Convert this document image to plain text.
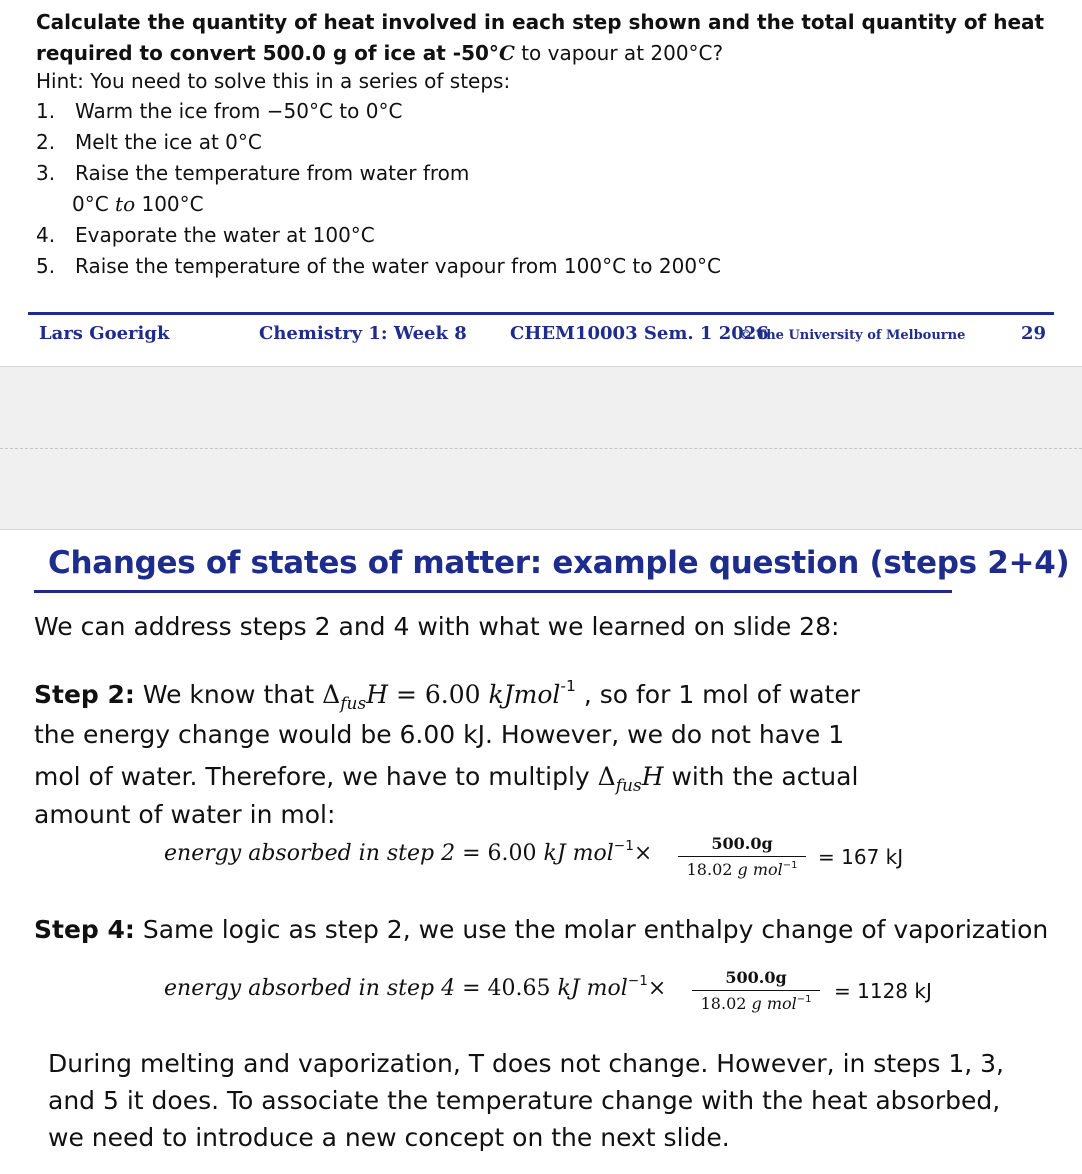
Calculate the quantity of heat involved in each step shown and the total quantity of heat
required to convert 500.0 g of ice at -50°C to vapour at 200°C?
Hint: You need to solve this in a series of steps:
1. Warm the ice from −50°C to 0°C
2. Melt the ice at 0°C
3. Raise the temperature from water from
0°C to 100°C
4. Evaporate the water at 100°C
5. Raise the temperature of the water vapour from 100°C to 200°C
Lars Goerigk	Chemistry 1: Week 8 CHEM10003 Sem. 1 2026
© The University of Melbourne	29
Changes of states of matter: example question (steps 2+4)
We can address steps 2 and 4 with what we learned on slide 28:
Step 2: We know that $\Delta_{fus}H = 6.00$ kJmol$^{-1}$ , so for 1 mol of water
the energy change would be 6.00 kJ. However, we do not have 1
mol of water. Therefore, we have to multiply $\Delta_{fus}H$ with the actual
amount of water in mol:
energy absorbed in step 2 = 6.00 kJ mol$^{-1}$×	500.0g
18.02 g mol$^{-1}$	= 167 kJ
Step 4: Same logic as step 2, we use the molar enthalpy change of vaporization
energy absorbed in step 4 = 40.65 kJ mol$^{-1}$×	500.0g
18.02 g mol$^{-1}$	= 1128 kJ
During melting and vaporization, T does not change. However, in steps 1, 3,
and 5 it does. To associate the temperature change with the heat absorbed,
we need to introduce a new concept on the next slide.
